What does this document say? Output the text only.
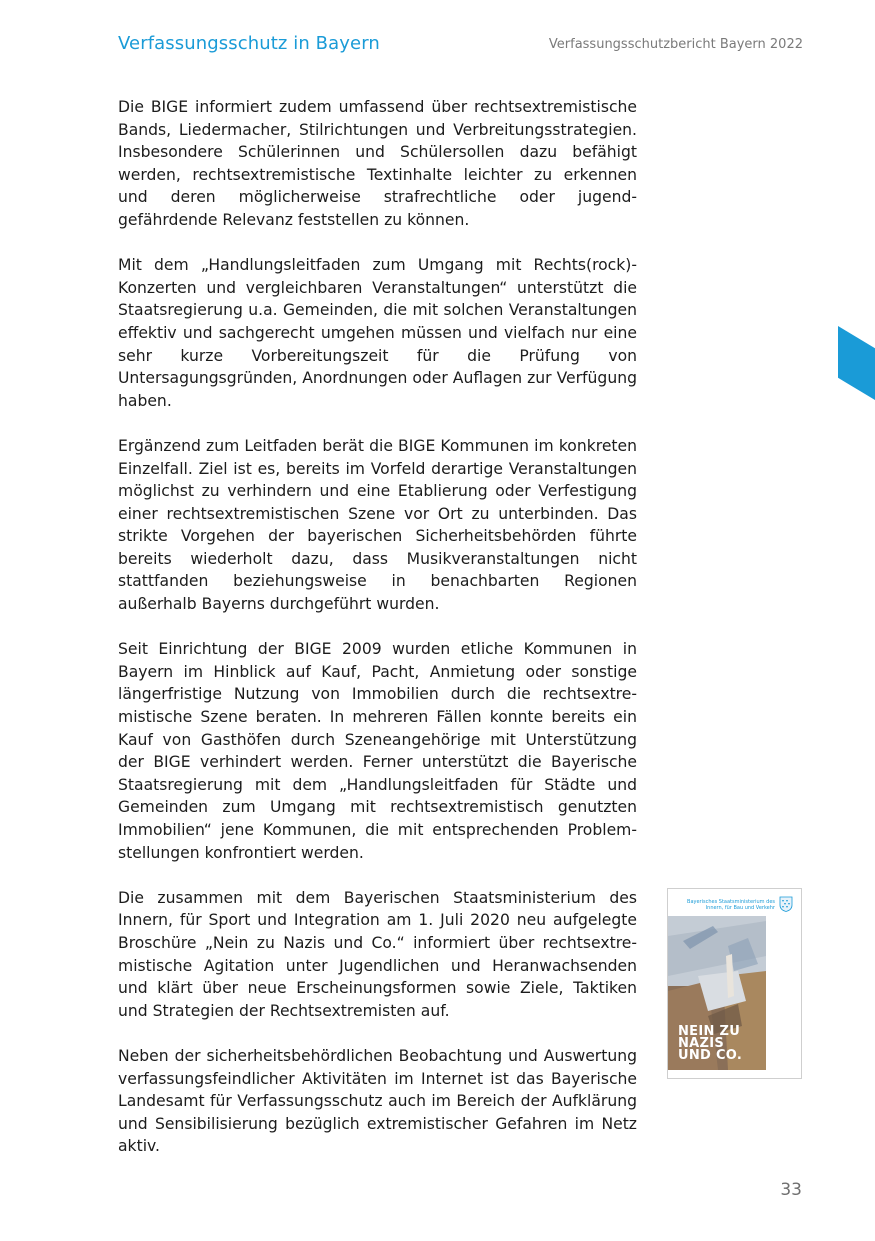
Verfassungsschutz in Bayern	Verfassungsschutzbericht Bayern 2022

Die BIGE informiert zudem umfassend über rechtsextremistische Bands, Liedermacher, Stilrichtungen und Verbreitungsstrategien. Insbesondere Schülerinnen und Schülersollen dazu befähigt werden, rechtsextremistische Textinhalte leichter zu erkennen und deren möglicherweise strafrechtliche oder jugendgefährdende Relevanz feststellen zu können.

Mit dem „Handlungsleitfaden zum Umgang mit Rechts(rock)-Konzerten und vergleichbaren Veranstaltungen“ unterstützt die Staatsregierung u.a. Gemeinden, die mit solchen Veranstaltungen effektiv und sachgerecht umgehen müssen und vielfach nur eine sehr kurze Vorbereitungszeit für die Prüfung von Untersagungsgründen, Anordnungen oder Auflagen zur Verfügung haben.

Ergänzend zum Leitfaden berät die BIGE Kommunen im konkreten Einzelfall. Ziel ist es, bereits im Vorfeld derartige Veranstaltungen möglichst zu verhindern und eine Etablierung oder Verfestigung einer rechtsextremistischen Szene vor Ort zu unterbinden. Das strikte Vorgehen der bayerischen Sicherheitsbehörden führte bereits wiederholt dazu, dass Musikveranstaltungen nicht stattfanden beziehungsweise in benachbarten Regionen außerhalb Bayerns durchgeführt wurden.

Seit Einrichtung der BIGE 2009 wurden etliche Kommunen in Bayern im Hinblick auf Kauf, Pacht, Anmietung oder sonstige längerfristige Nutzung von Immobilien durch die rechtsextremistische Szene beraten. In mehreren Fällen konnte bereits ein Kauf von Gasthöfen durch Szeneangehörige mit Unterstützung der BIGE verhindert werden. Ferner unterstützt die Bayerische Staatsregierung mit dem „Handlungsleitfaden für Städte und Gemeinden zum Umgang mit rechtsextremistisch genutzten Immobilien“ jene Kommunen, die mit entsprechenden Problemstellungen konfrontiert werden.

Die zusammen mit dem Bayerischen Staatsministerium des Innern, für Sport und Integration am 1. Juli 2020 neu aufgelegte Broschüre „Nein zu Nazis und Co.“ informiert über rechtsextremistische Agitation unter Jugendlichen und Heranwachsenden und klärt über neue Erscheinungsformen sowie Ziele, Taktiken und Strategien der Rechtsextremisten auf.

Neben der sicherheitsbehördlichen Beobachtung und Auswertung verfassungsfeindlicher Aktivitäten im Internet ist das Bayerische Landesamt für Verfassungsschutz auch im Bereich der Aufklärung und Sensibilisierung bezüglich extremistischer Gefahren im Netz aktiv.

Bayerisches Staatsministerium des Innern, für Bau und Verkehr
NEIN ZU
NAZIS
UND CO.
33
